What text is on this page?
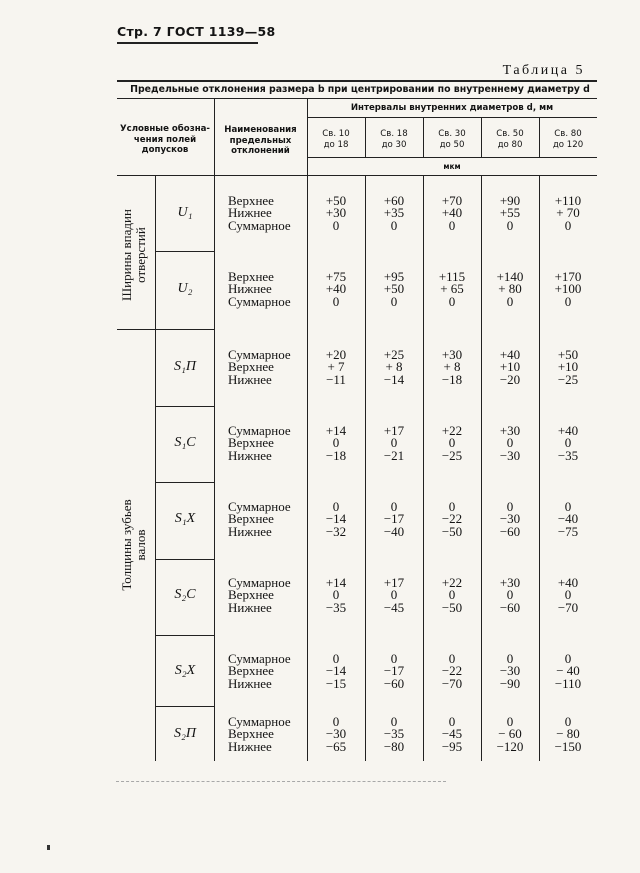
Стр. 7 ГОСТ 1139—58
Таблица 5
Предельные отклонения размера b при центрировании по внутреннему диаметру d
Условные обозна-
чения полей
допусков
Наименования
предельных
отклонений
Интервалы внутренних диаметров d, мм
Св. 10
до 18
Св. 18
до 30
Св. 30
до 50
Св. 50
до 80
Св. 80
до 120
мкм
Ширины впадин
отверстий
Толщины зубьев
валов
U₁
Верхнее
Нижнее
Суммарное
+50
+30
0
+60
+35
0
+70
+40
0
+90
+55
0
+110
+ 70
0
U₂
Верхнее
Нижнее
Суммарное
+75
+40
0
+95
+50
0
+115
+ 65
0
+140
+ 80
0
+170
+100
0
S₁П
Суммарное
Верхнее
Нижнее
+20
+ 7
−11
+25
+ 8
−14
+30
+ 8
−18
+40
+10
−20
+50
+10
−25
S₁C
Суммарное
Верхнее
Нижнее
+14
0
−18
+17
0
−21
+22
0
−25
+30
0
−30
+40
0
−35
S₁X
Суммарное
Верхнее
Нижнее
0
−14
−32
0
−17
−40
0
−22
−50
0
−30
−60
0
−40
−75
S₂C
Суммарное
Верхнее
Нижнее
+14
0
−35
+17
0
−45
+22
0
−50
+30
0
−60
+40
0
−70
S₂X
Суммарное
Верхнее
Нижнее
0
−14
−15
0
−17
−60
0
−22
−70
0
−30
−90
0
− 40
−110
S₂П
Суммарное
Верхнее
Нижнее
0
−30
−65
0
−35
−80
0
−45
−95
0
− 60
−120
0
− 80
−150
